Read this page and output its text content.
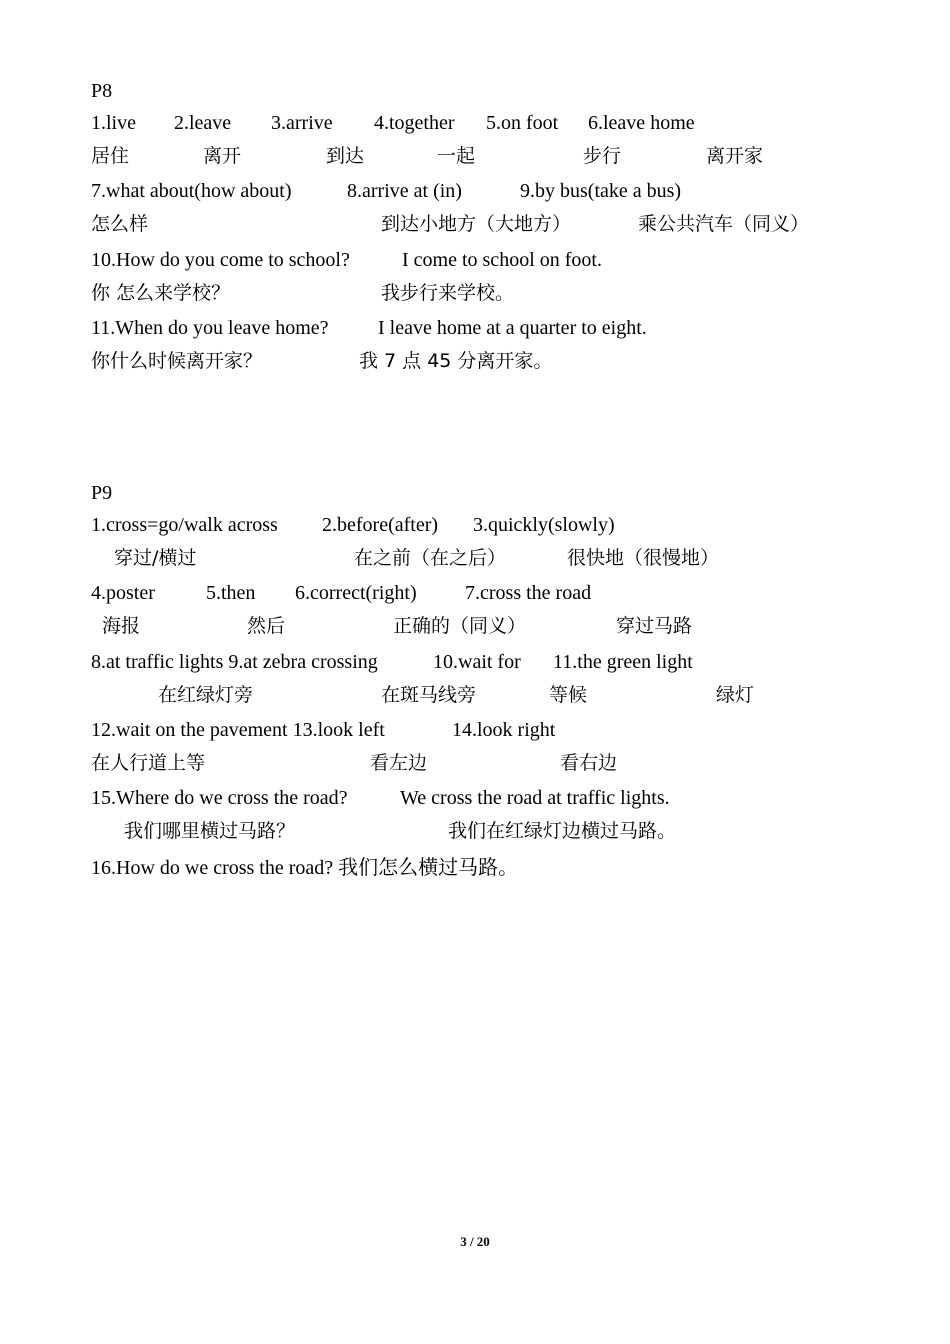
P8
1.live 2.leave 3.arrive 4.together 5.on foot 6.leave home
居住	离开	到达	一起	步行	离开家
7.what about(how about)	8.arrive at (in)	9.by bus(take a bus)
怎么样	到达小地方（大地方）	乘公共汽车（同义）
10.How do you come to school?	I come to school on foot.
你 怎么来学校？	我步行来学校。
11.When do you leave home? I leave home at a quarter to eight.
你什么时候离开家？	我 7 点 45 分离开家。
P9
1.cross=go/walk across 2.before(after) 3.quickly(slowly)
穿过/横过	在之前（在之后）	很快地（很慢地）
4.poster	5.then 6.correct(right) 7.cross the road
海报	然后	正确的（同义）	穿过马路
8.at traffic lights 9.at zebra crossing	10.wait for 11.the green light
在红绿灯旁	在斑马线旁	等候	绿灯
12.wait on the pavement 13.look left	14.look right
在人行道上等	看左边	看右边
15.Where do we cross the road?	We cross the road at traffic lights.
我们哪里横过马路？	我们在红绿灯边横过马路。
16.How do we cross the road? 我们怎么横过马路。
3 / 20
